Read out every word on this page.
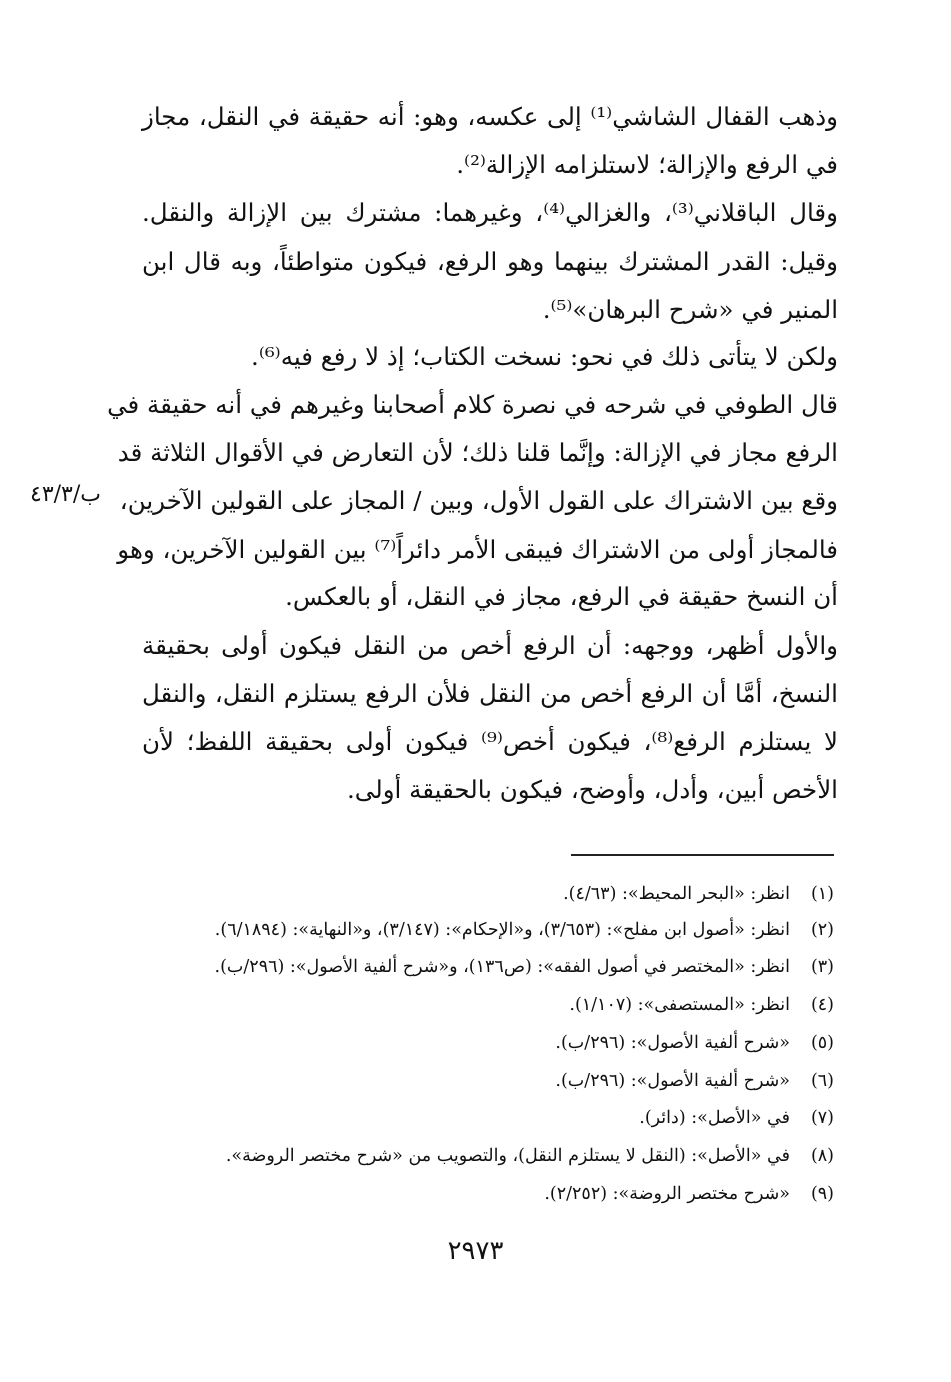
وذهب القفال الشاشي⁽¹⁾ إلى عكسه، وهو: أنه حقيقة في النقل، مجاز
في الرفع والإزالة؛ لاستلزامه الإزالة⁽²⁾.
وقال الباقلاني⁽³⁾، والغزالي⁽⁴⁾، وغيرهما: مشترك بين الإزالة والنقل.
وقيل: القدر المشترك بينهما وهو الرفع، فيكون متواطئاً، وبه قال ابن
المنير في «شرح البرهان»⁽⁵⁾.
ولكن لا يتأتى ذلك في نحو: نسخت الكتاب؛ إذ لا رفع فيه⁽⁶⁾.
قال الطوفي في شرحه في نصرة كلام أصحابنا وغيرهم في أنه حقيقة في
الرفع مجاز في الإزالة: وإنَّما قلنا ذلك؛ لأن التعارض في الأقوال الثلاثة قد
وقع بين الاشتراك على القول الأول، وبين / المجاز على القولين الآخرين،
فالمجاز أولى من الاشتراك فيبقى الأمر دائراً⁽⁷⁾ بين القولين الآخرين، وهو
أن النسخ حقيقة في الرفع، مجاز في النقل، أو بالعكس.
والأول أظهر، ووجهه: أن الرفع أخص من النقل فيكون أولى بحقيقة
النسخ، أمَّا أن الرفع أخص من النقل فلأن الرفع يستلزم النقل، والنقل
لا يستلزم الرفع⁽⁸⁾، فيكون أخص⁽⁹⁾ فيكون أولى بحقيقة اللفظ؛ لأن
الأخص أبين، وأدل، وأوضح، فيكون بالحقيقة أولى.
ب/٤٣/٣
(١)انظر: «البحر المحيط»: (٤/٦٣).
(٢)انظر: «أصول ابن مفلح»: (٣/٦٥٣)، و«الإحكام»: (٣/١٤٧)، و«النهاية»: (٦/١٨٩٤).
(٣)انظر: «المختصر في أصول الفقه»: (ص١٣٦)، و«شرح ألفية الأصول»: (٢٩٦/ب).
(٤)انظر: «المستصفى»: (١/١٠٧).
(٥)«شرح ألفية الأصول»: (٢٩٦/ب).
(٦)«شرح ألفية الأصول»: (٢٩٦/ب).
(٧)في «الأصل»: (دائر).
(٨)في «الأصل»: (النقل لا يستلزم النقل)، والتصويب من «شرح مختصر الروضة».
(٩)«شرح مختصر الروضة»: (٢/٢٥٢).
٢٩٧٣
